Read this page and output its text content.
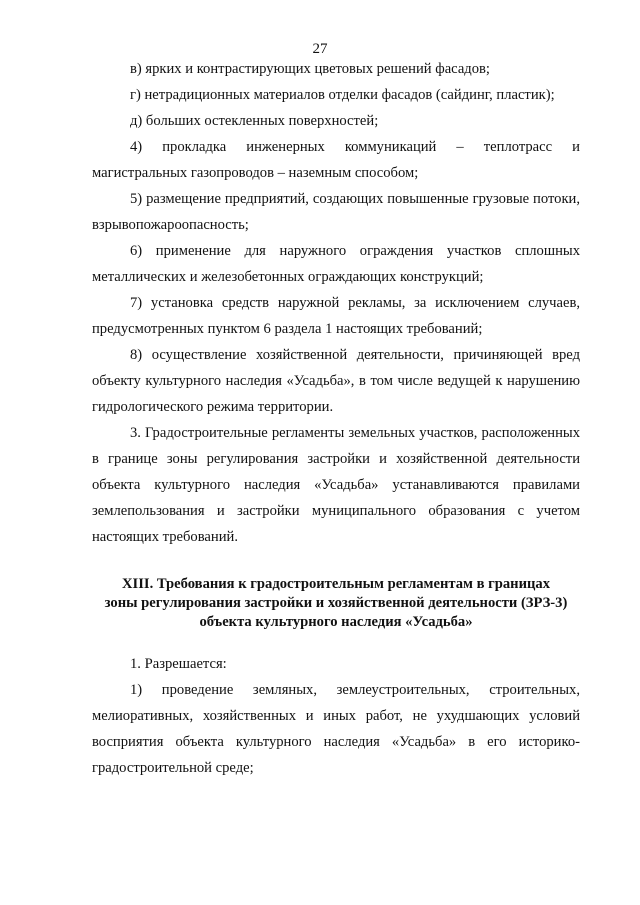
27

в) ярких и контрастирующих цветовых решений фасадов;

г) нетрадиционных материалов отделки фасадов (сайдинг, пластик);

д) больших остекленных поверхностей;

4) прокладка инженерных коммуникаций – теплотрасс и магистральных газопроводов – наземным способом;

5) размещение предприятий, создающих повышенные грузовые потоки, взрывопожароопасность;

6) применение для наружного ограждения участков сплошных металлических и железобетонных ограждающих конструкций;

7) установка средств наружной рекламы, за исключением случаев, предусмотренных пунктом 6 раздела 1 настоящих требований;

8) осуществление хозяйственной деятельности, причиняющей вред объекту культурного наследия «Усадьба», в том числе ведущей к нарушению гидрологического режима территории.

3. Градостроительные регламенты земельных участков, расположенных в границе зоны регулирования застройки и хозяйственной деятельности объекта культурного наследия «Усадьба» устанавливаются правилами землепользования и застройки муниципального образования с учетом настоящих требований.

XIII. Требования к градостроительным регламентам в границах
зоны регулирования застройки и хозяйственной деятельности (ЗРЗ-3)
объекта культурного наследия «Усадьба»

1. Разрешается:

1) проведение земляных, землеустроительных, строительных, мелиоративных, хозяйственных и иных работ, не ухудшающих условий восприятия объекта культурного наследия «Усадьба» в его историко-градостроительной среде;
